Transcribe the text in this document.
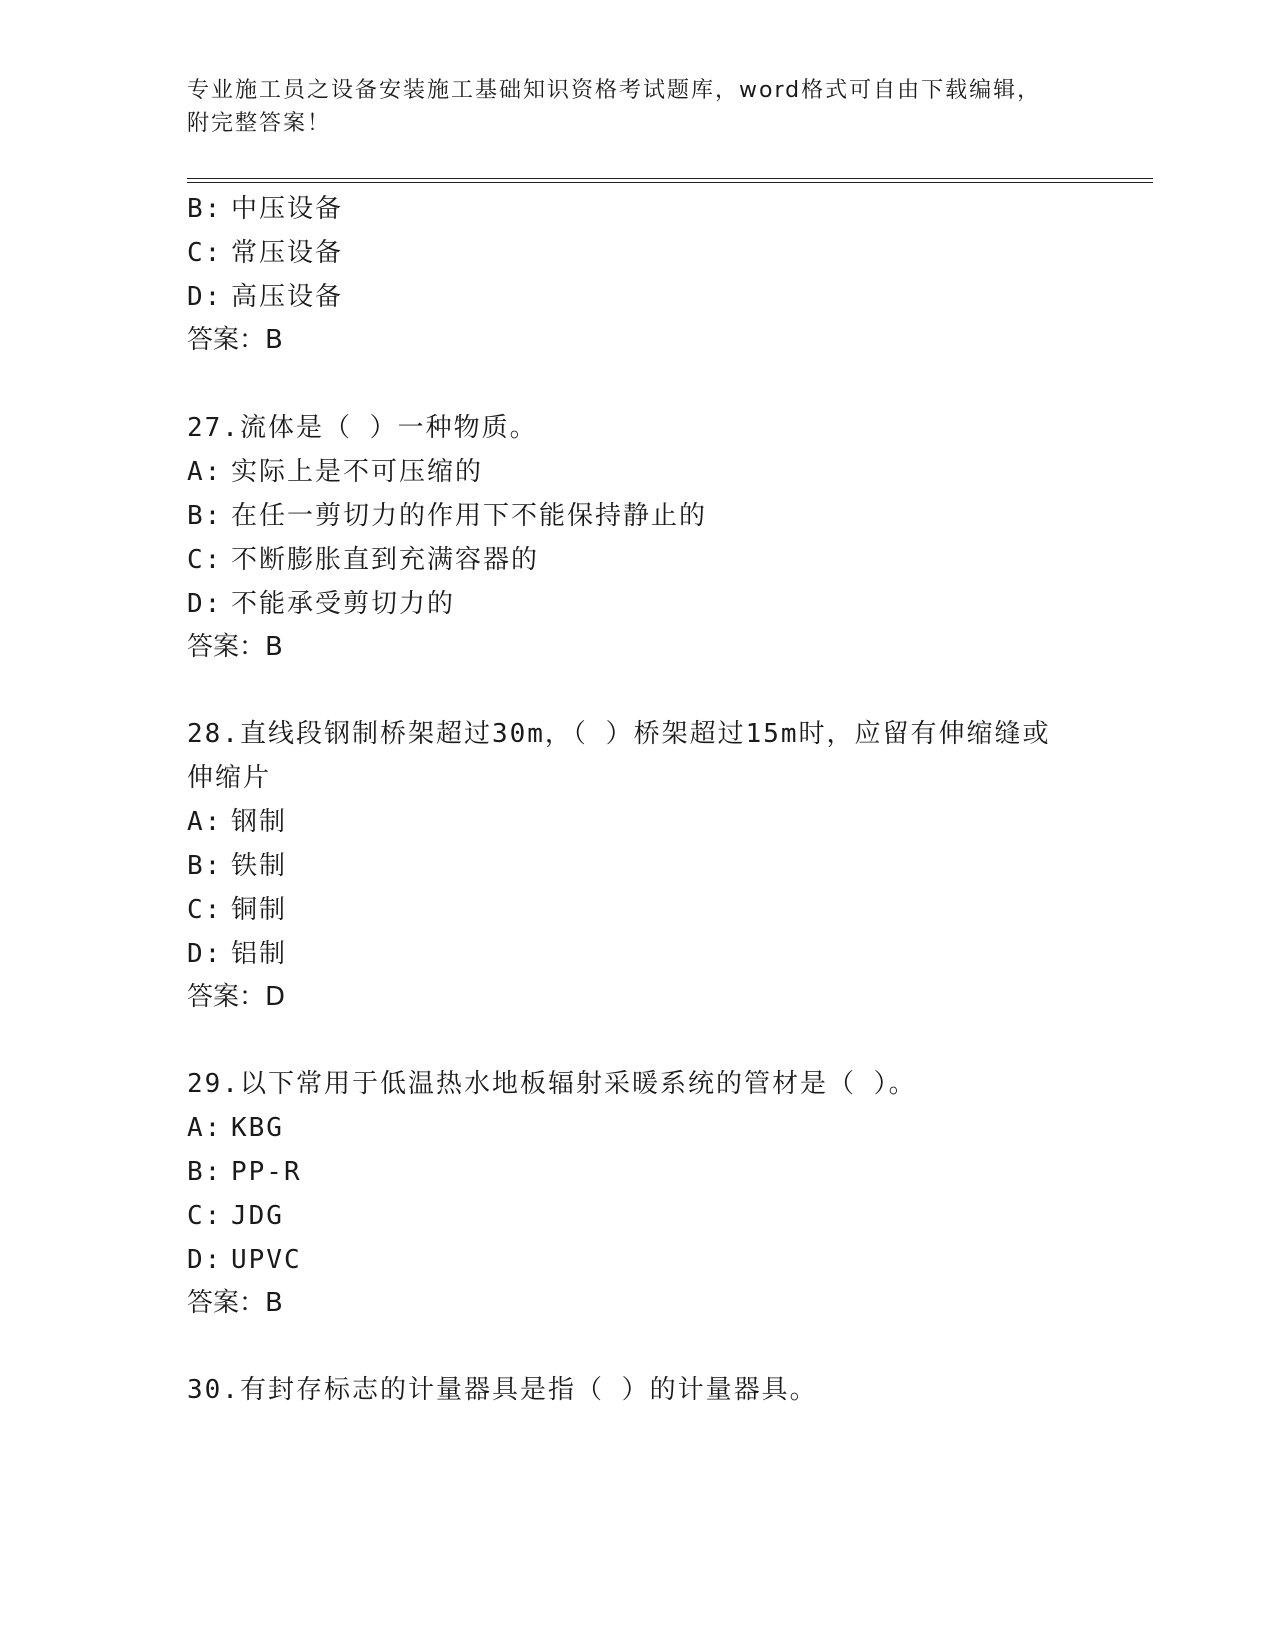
专业施工员之设备安装施工基础知识资格考试题库，word格式可自由下载编辑，
附完整答案！
B: 中压设备
C: 常压设备
D: 高压设备
答案：B
27.流体是（ ）一种物质。
A: 实际上是不可压缩的
B: 在任一剪切力的作用下不能保持静止的
C: 不断膨胀直到充满容器的
D: 不能承受剪切力的
答案：B
28.直线段钢制桥架超过30m，（ ）桥架超过15m时，应留有伸缩缝或
伸缩片
A: 钢制
B: 铁制
C: 铜制
D: 铝制
答案：D
29.以下常用于低温热水地板辐射采暖系统的管材是（ ）。
A: KBG
B: PP-R
C: JDG
D: UPVC
答案：B
30.有封存标志的计量器具是指（ ）的计量器具。
